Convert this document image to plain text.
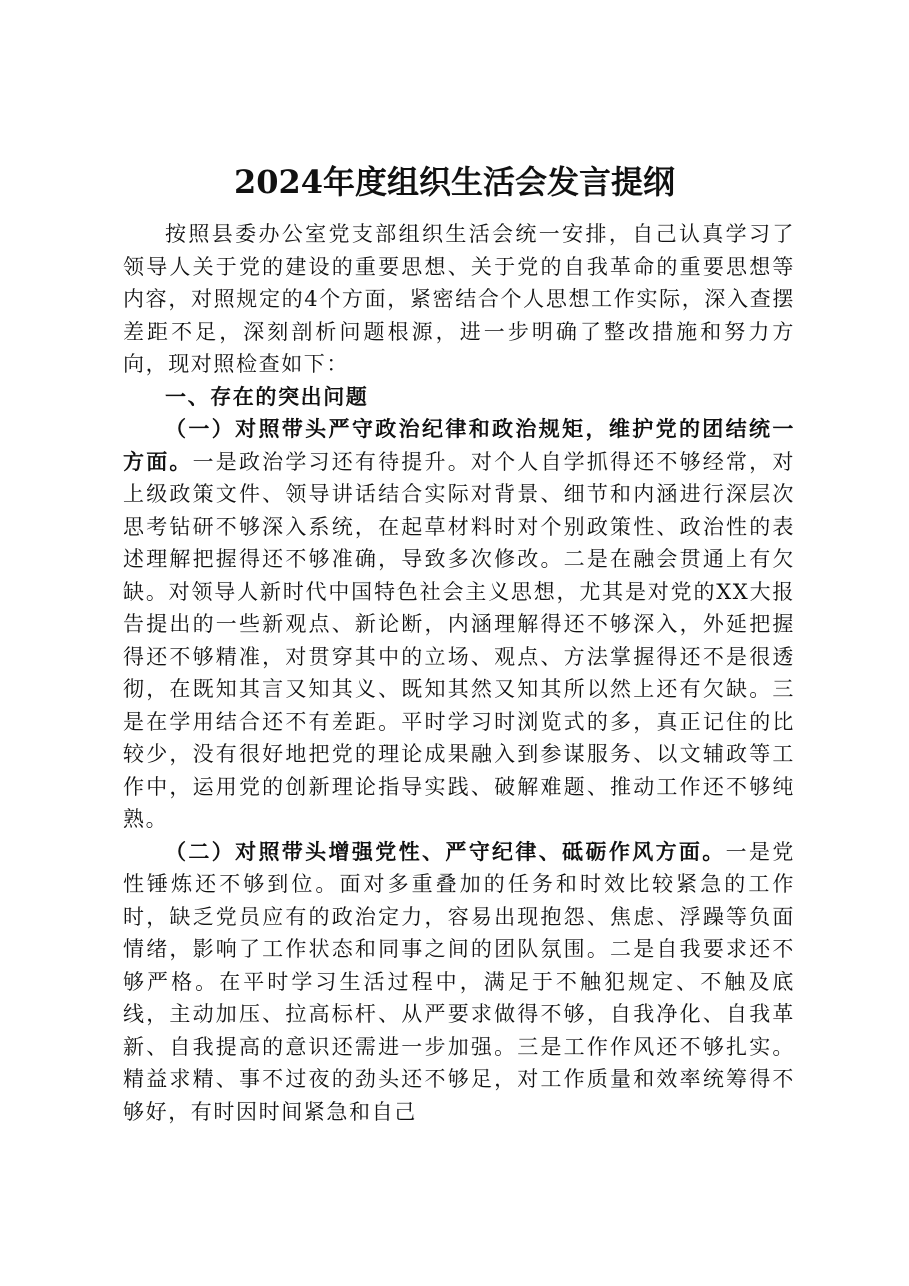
2024年度组织生活会发言提纲

按照县委办公室党支部组织生活会统一安排，自己认真学习了领导人关于党的建设的重要思想、关于党的自我革命的重要思想等内容，对照规定的4个方面，紧密结合个人思想工作实际，深入查摆差距不足，深刻剖析问题根源，进一步明确了整改措施和努力方向，现对照检查如下：

一、存在的突出问题

（一）对照带头严守政治纪律和政治规矩，维护党的团结统一方面。一是政治学习还有待提升。对个人自学抓得还不够经常，对上级政策文件、领导讲话结合实际对背景、细节和内涵进行深层次思考钻研不够深入系统，在起草材料时对个别政策性、政治性的表述理解把握得还不够准确，导致多次修改。二是在融会贯通上有欠缺。对领导人新时代中国特色社会主义思想，尤其是对党的XX大报告提出的一些新观点、新论断，内涵理解得还不够深入，外延把握得还不够精准，对贯穿其中的立场、观点、方法掌握得还不是很透彻，在既知其言又知其义、既知其然又知其所以然上还有欠缺。三是在学用结合还不有差距。平时学习时浏览式的多，真正记住的比较少，没有很好地把党的理论成果融入到参谋服务、以文辅政等工作中，运用党的创新理论指导实践、破解难题、推动工作还不够纯熟。

（二）对照带头增强党性、严守纪律、砥砺作风方面。一是党性锤炼还不够到位。面对多重叠加的任务和时效比较紧急的工作时，缺乏党员应有的政治定力，容易出现抱怨、焦虑、浮躁等负面情绪，影响了工作状态和同事之间的团队氛围。二是自我要求还不够严格。在平时学习生活过程中，满足于不触犯规定、不触及底线，主动加压、拉高标杆、从严要求做得不够，自我净化、自我革新、自我提高的意识还需进一步加强。三是工作作风还不够扎实。精益求精、事不过夜的劲头还不够足，对工作质量和效率统筹得不够好，有时因时间紧急和自己
